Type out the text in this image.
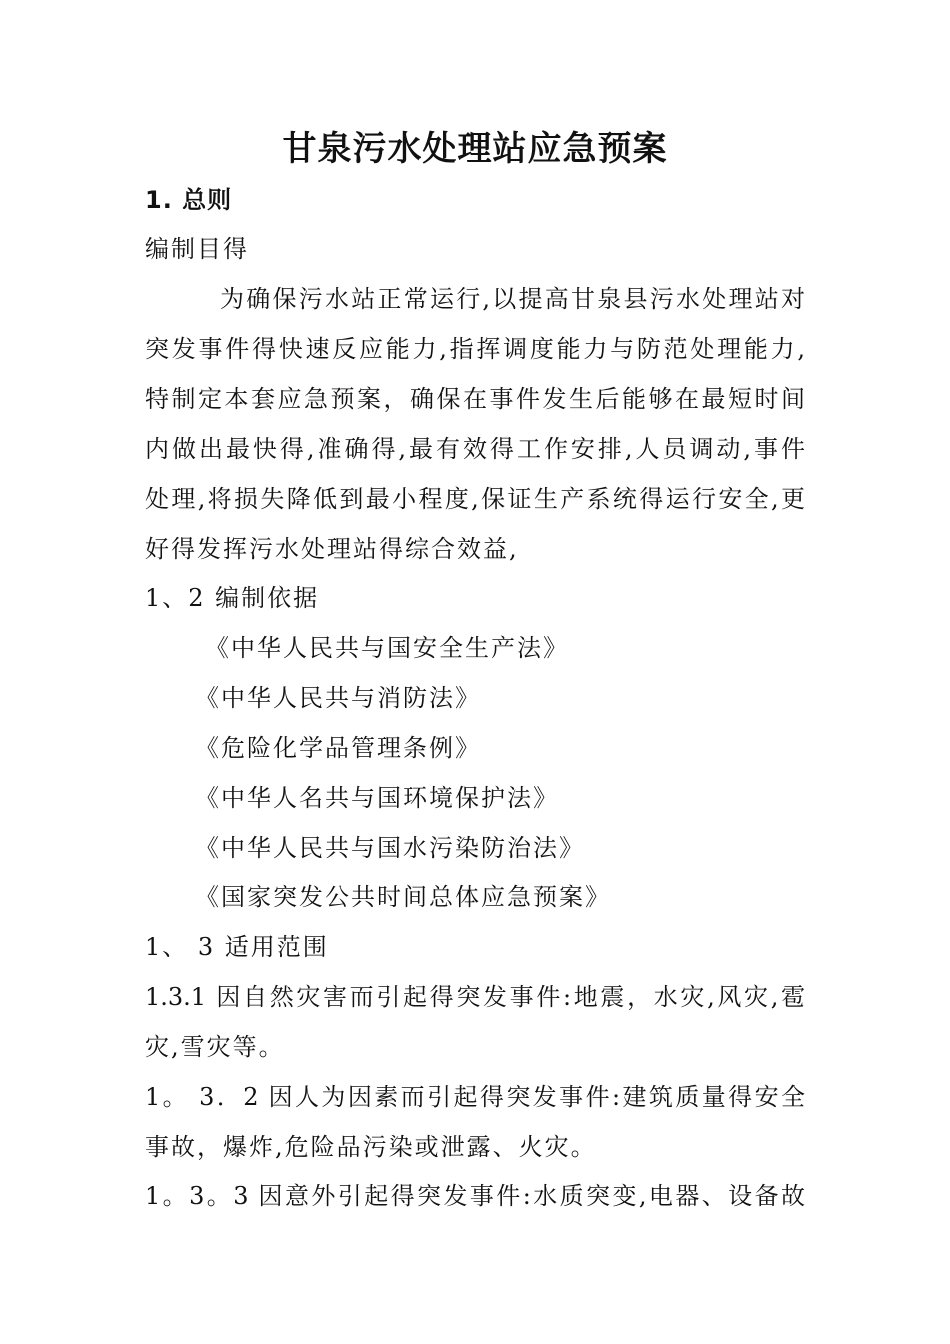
甘泉污水处理站应急预案
1. 总则
编制目得
为确保污水站正常运行,以提高甘泉县污水处理站对
突发事件得快速反应能力,指挥调度能力与防范处理能力,
特制定本套应急预案，确保在事件发生后能够在最短时间
内做出最快得,准确得,最有效得工作安排,人员调动,事件
处理,将损失降低到最小程度,保证生产系统得运行安全,更
好得发挥污水处理站得综合效益,
1、2 编制依据
《中华人民共与国安全生产法》
《中华人民共与消防法》
《危险化学品管理条例》
《中华人名共与国环境保护法》
《中华人民共与国水污染防治法》
《国家突发公共时间总体应急预案》
1、 3 适用范围
1.3.1 因自然灾害而引起得突发事件:地震，水灾,风灾,雹
灾,雪灾等。
1。 3．2 因人为因素而引起得突发事件:建筑质量得安全
事故，爆炸,危险品污染或泄露、火灾。
1。3。3 因意外引起得突发事件:水质突变,电器、设备故
